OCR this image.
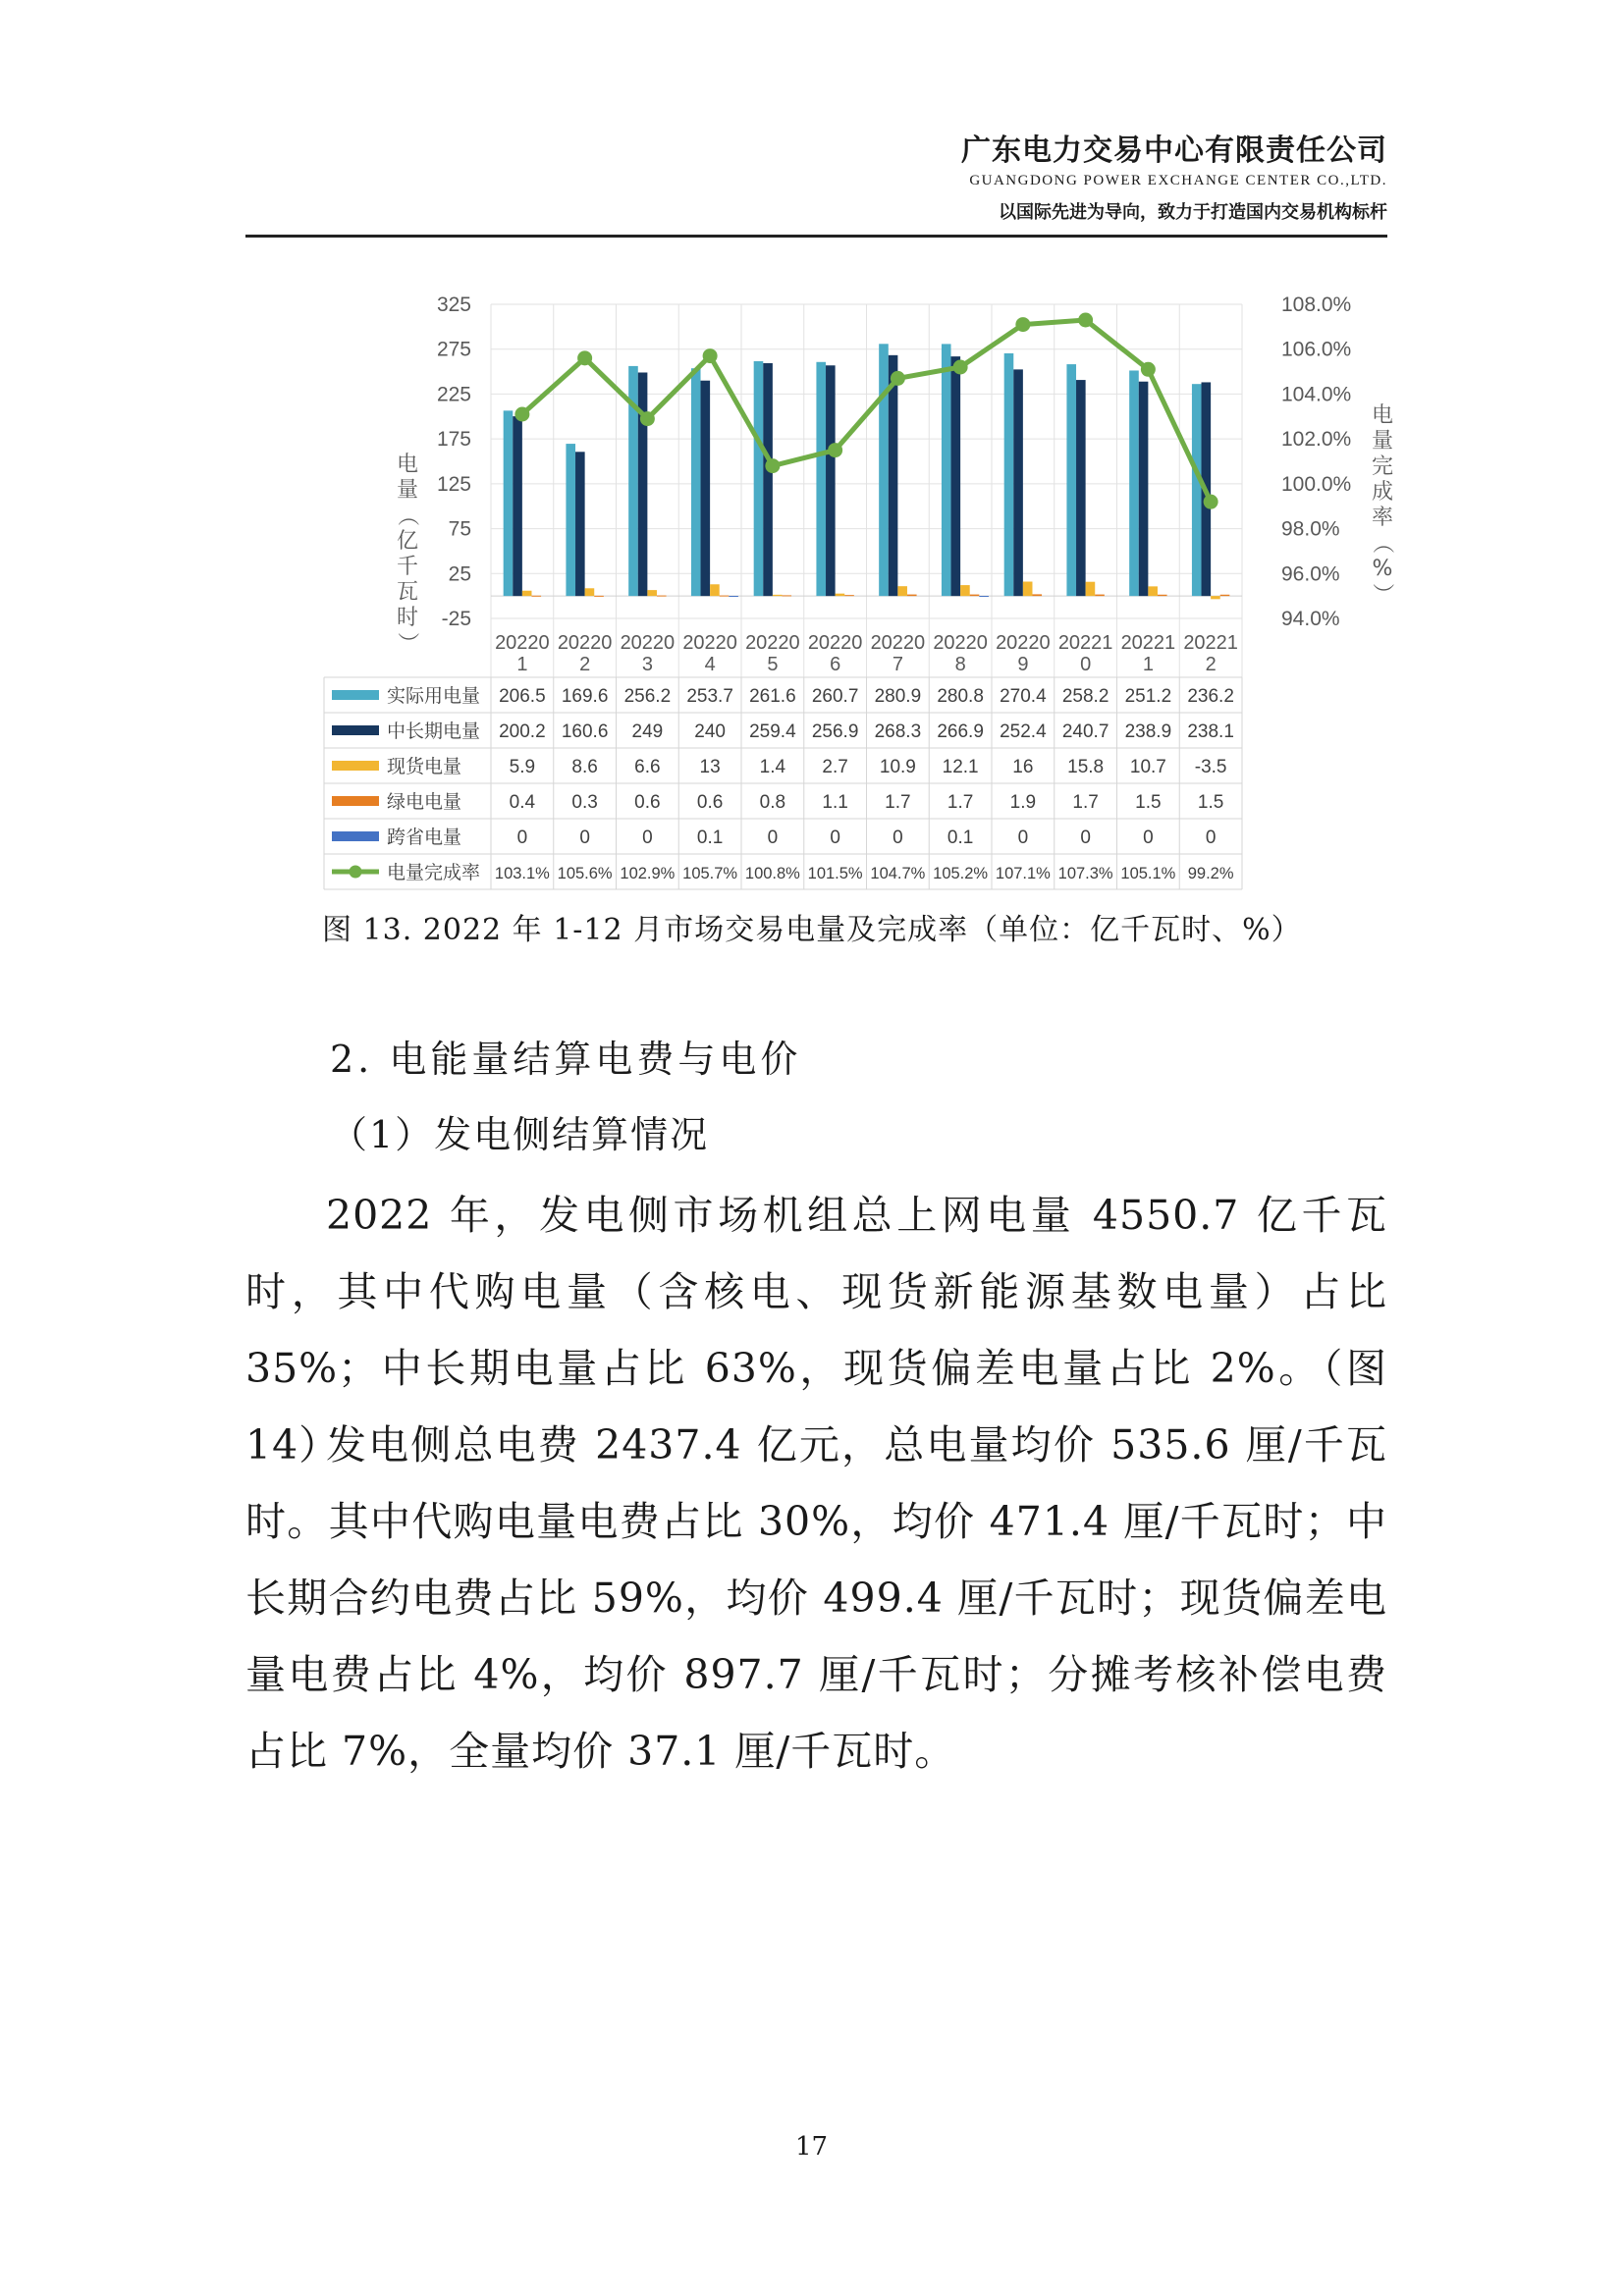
广东电力交易中心有限责任公司
GUANGDONG POWER EXCHANGE CENTER CO.,LTD.
以国际先进为导向，致力于打造国内交易机构标杆
325
275
225
175
125
75
25
-25
108.0%
106.0%
104.0%
102.0%
100.0%
98.0%
96.0%
94.0%
电
量
（
亿
千
瓦
时
）
电
量
完
成
率
（
%
）
20220
1
20220
2
20220
3
20220
4
20220
5
20220
6
20220
7
20220
8
20220
9
20221
0
20221
1
20221
2
实际用电量 206.5 169.6 256.2 253.7 261.6 260.7 280.9 280.8 270.4 258.2 251.2 236.2
中长期电量 200.2 160.6 249 240 259.4 256.9 268.3 266.9 252.4 240.7 238.9 238.1
现货电量	5.9 8.6 6.6 13 1.4 2.7 10.9 12.1 16 15.8 10.7 -3.5
绿电电量	0.4 0.3 0.6 0.6 0.8 1.1 1.7 1.7 1.9 1.7 1.5 1.5
跨省电量	0	0	0 0.1 0	0	0 0.1 0	0	0	0
电量完成率 103.1% 105.6% 102.9% 105.7% 100.8% 101.5% 104.7% 105.2% 107.1% 107.3% 105.1% 99.2%
图 13. 2022 年 1-12 月市场交易电量及完成率（单位：亿千瓦时、%）
2. 电能量结算电费与电价
（1）发电侧结算情况

2022 年，发电侧市场机组总上网电量 4550.7 亿千瓦时，其中代购电量（含核电、现货新能源基数电量）占比 35%；中长期电量占比 63%，现货偏差电量占比 2%。（图 14）

发电侧总电费 2437.4 亿元，总电量均价 535.6 厘/千瓦时。其中代购电量电费占比 30%，均价 471.4 厘/千瓦时；中长期合约电费占比 59%，均价 499.4 厘/千瓦时；现货偏差电量电费占比 4%，均价 897.7 厘/千瓦时；分摊考核补偿电费占比 7%，全量均价 37.1 厘/千瓦时。

17
